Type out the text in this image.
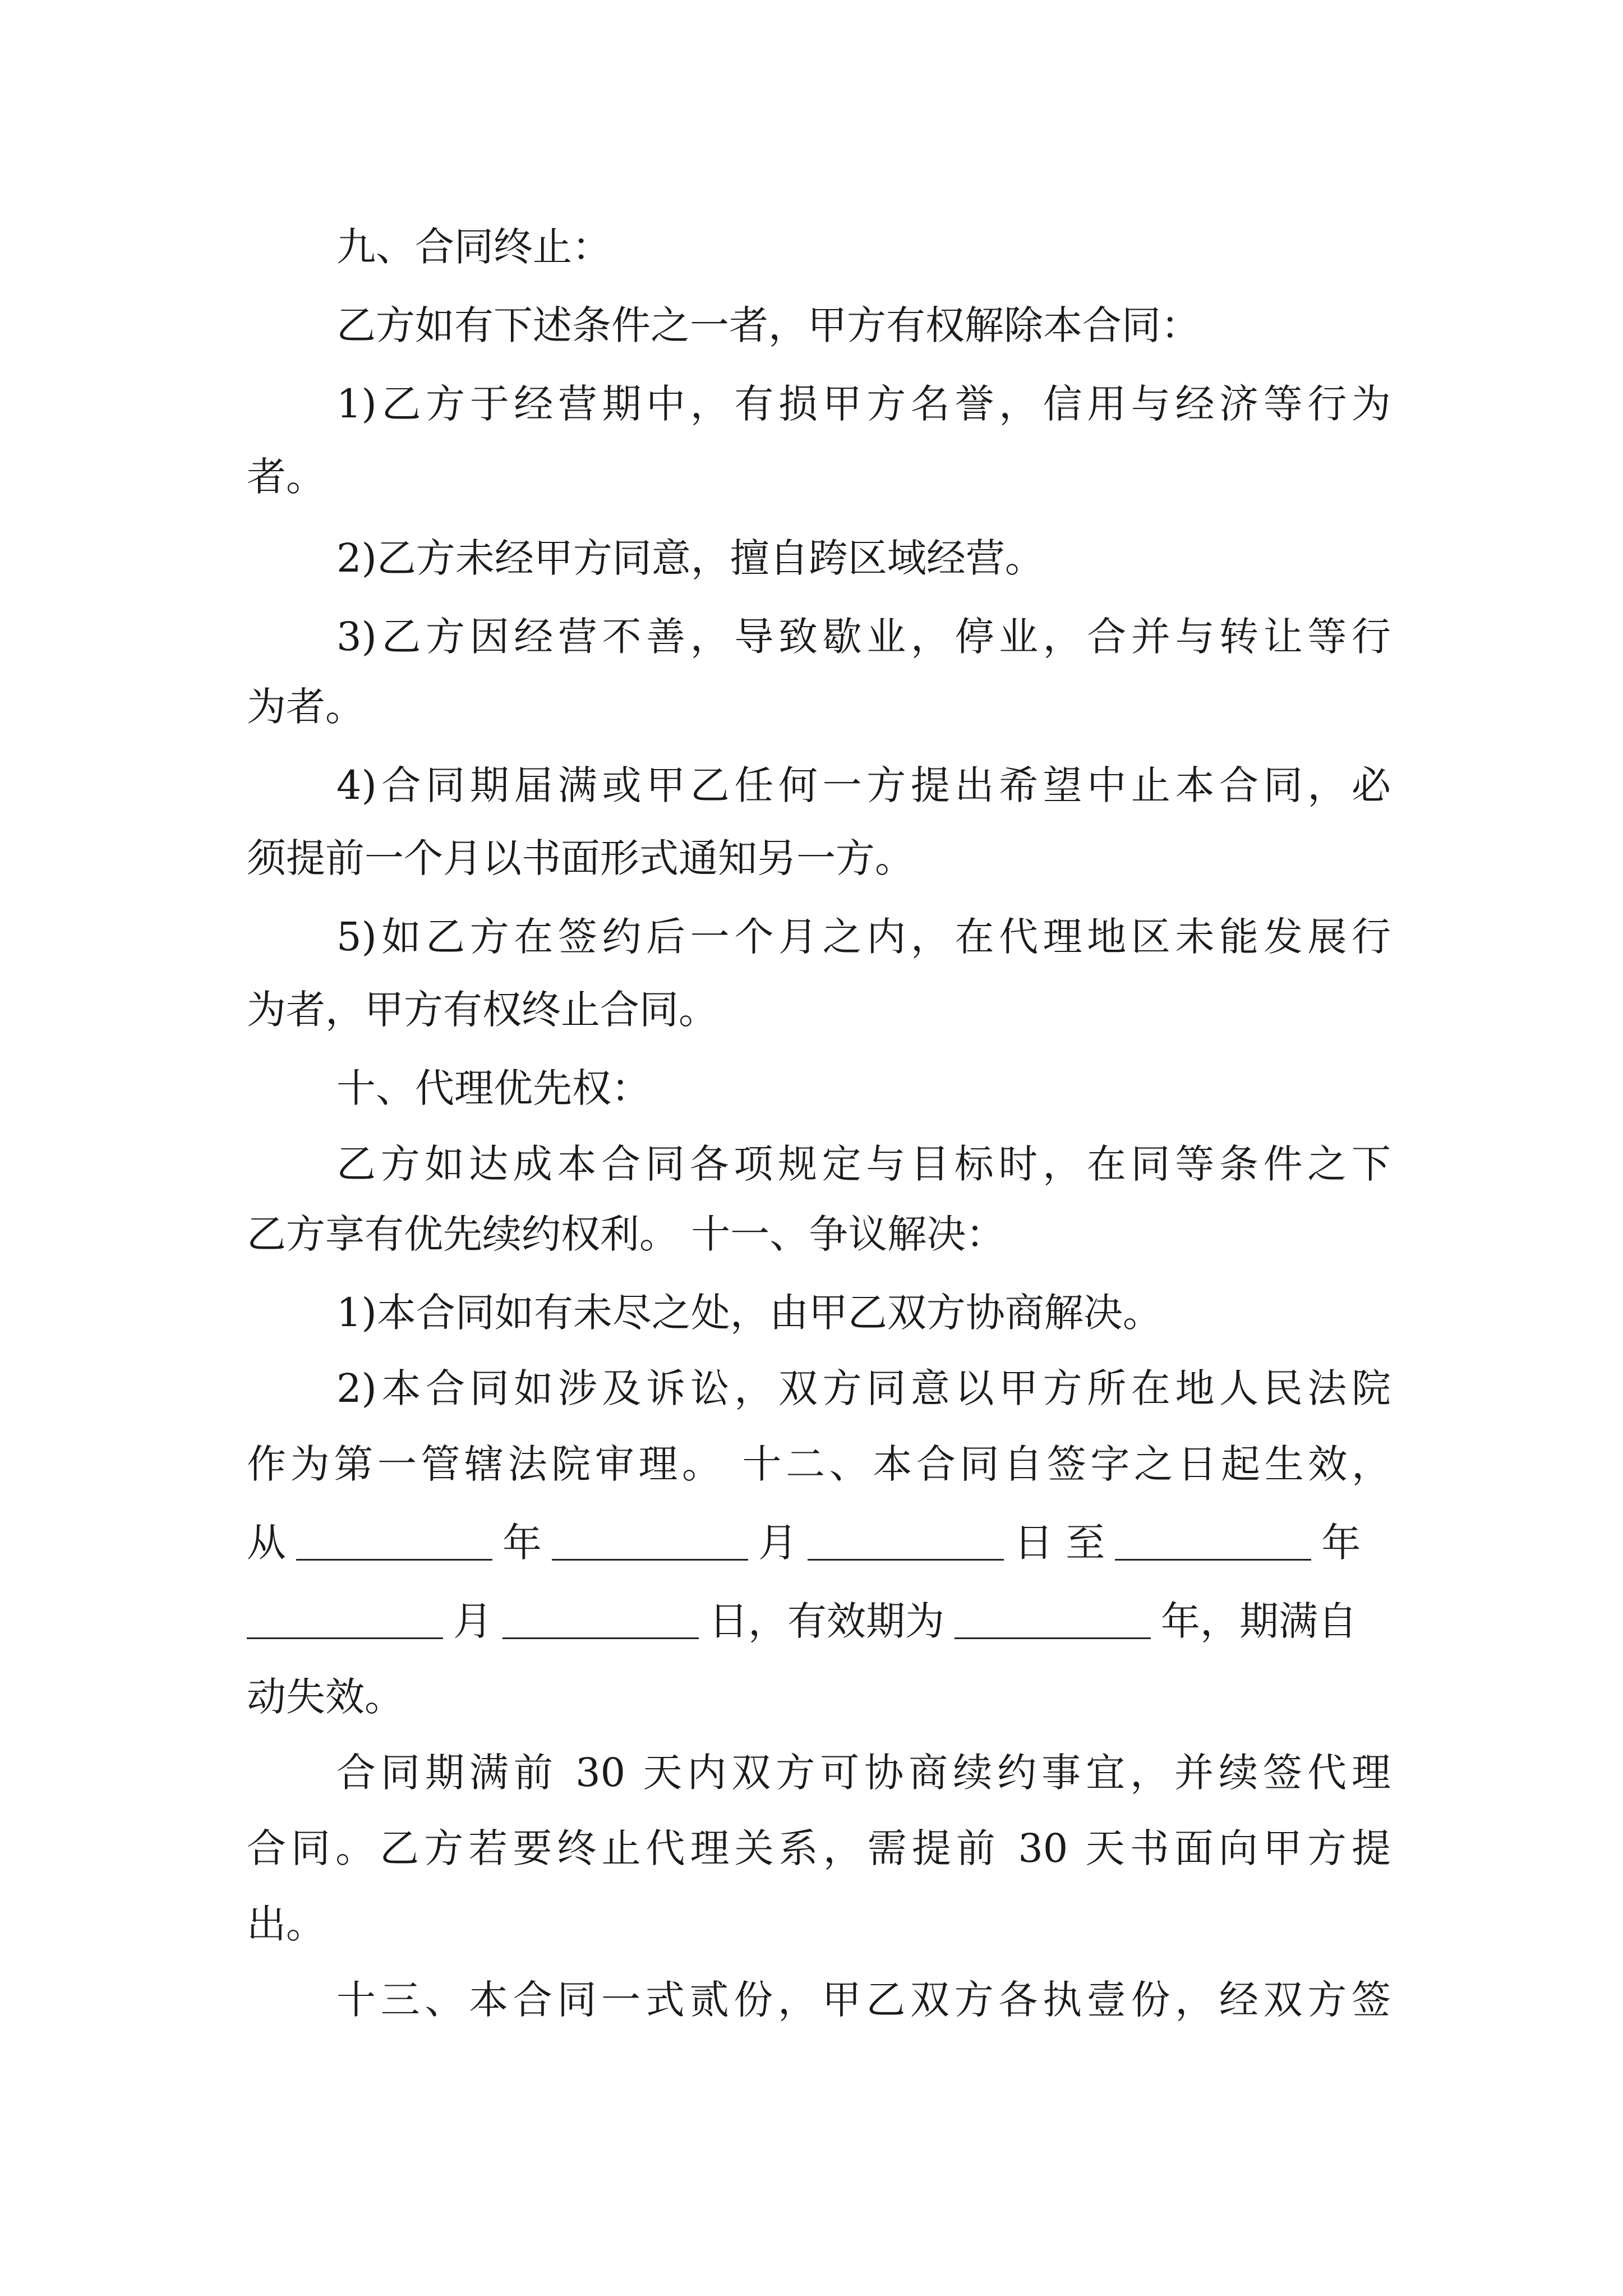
九、合同终止：
乙方如有下述条件之一者，甲方有权解除本合同：
1)乙方于经营期中，有损甲方名誉，信用与经济等行为
者。
2)乙方未经甲方同意，擅自跨区域经营。
3)乙方因经营不善，导致歇业，停业，合并与转让等行
为者。
4)合同期届满或甲乙任何一方提出希望中止本合同，必
须提前一个月以书面形式通知另一方。
5)如乙方在签约后一个月之内，在代理地区未能发展行
为者，甲方有权终止合同。
十、代理优先权：
乙方如达成本合同各项规定与目标时，在同等条件之下
乙方享有优先续约权利。 十一、争议解决：
1)本合同如有未尽之处，由甲乙双方协商解决。
2)本合同如涉及诉讼，双方同意以甲方所在地人民法院
作为第一管辖法院审理。 十二、本合同自签字之日起生效，
从	年	月	日 至	年
月	日，有效期为	年，期满自
动失效。
合同期满前 30 天内双方可协商续约事宜，并续签代理
合同。乙方若要终止代理关系，需提前 30 天书面向甲方提
出。
十三、本合同一式贰份，甲乙双方各执壹份，经双方签
